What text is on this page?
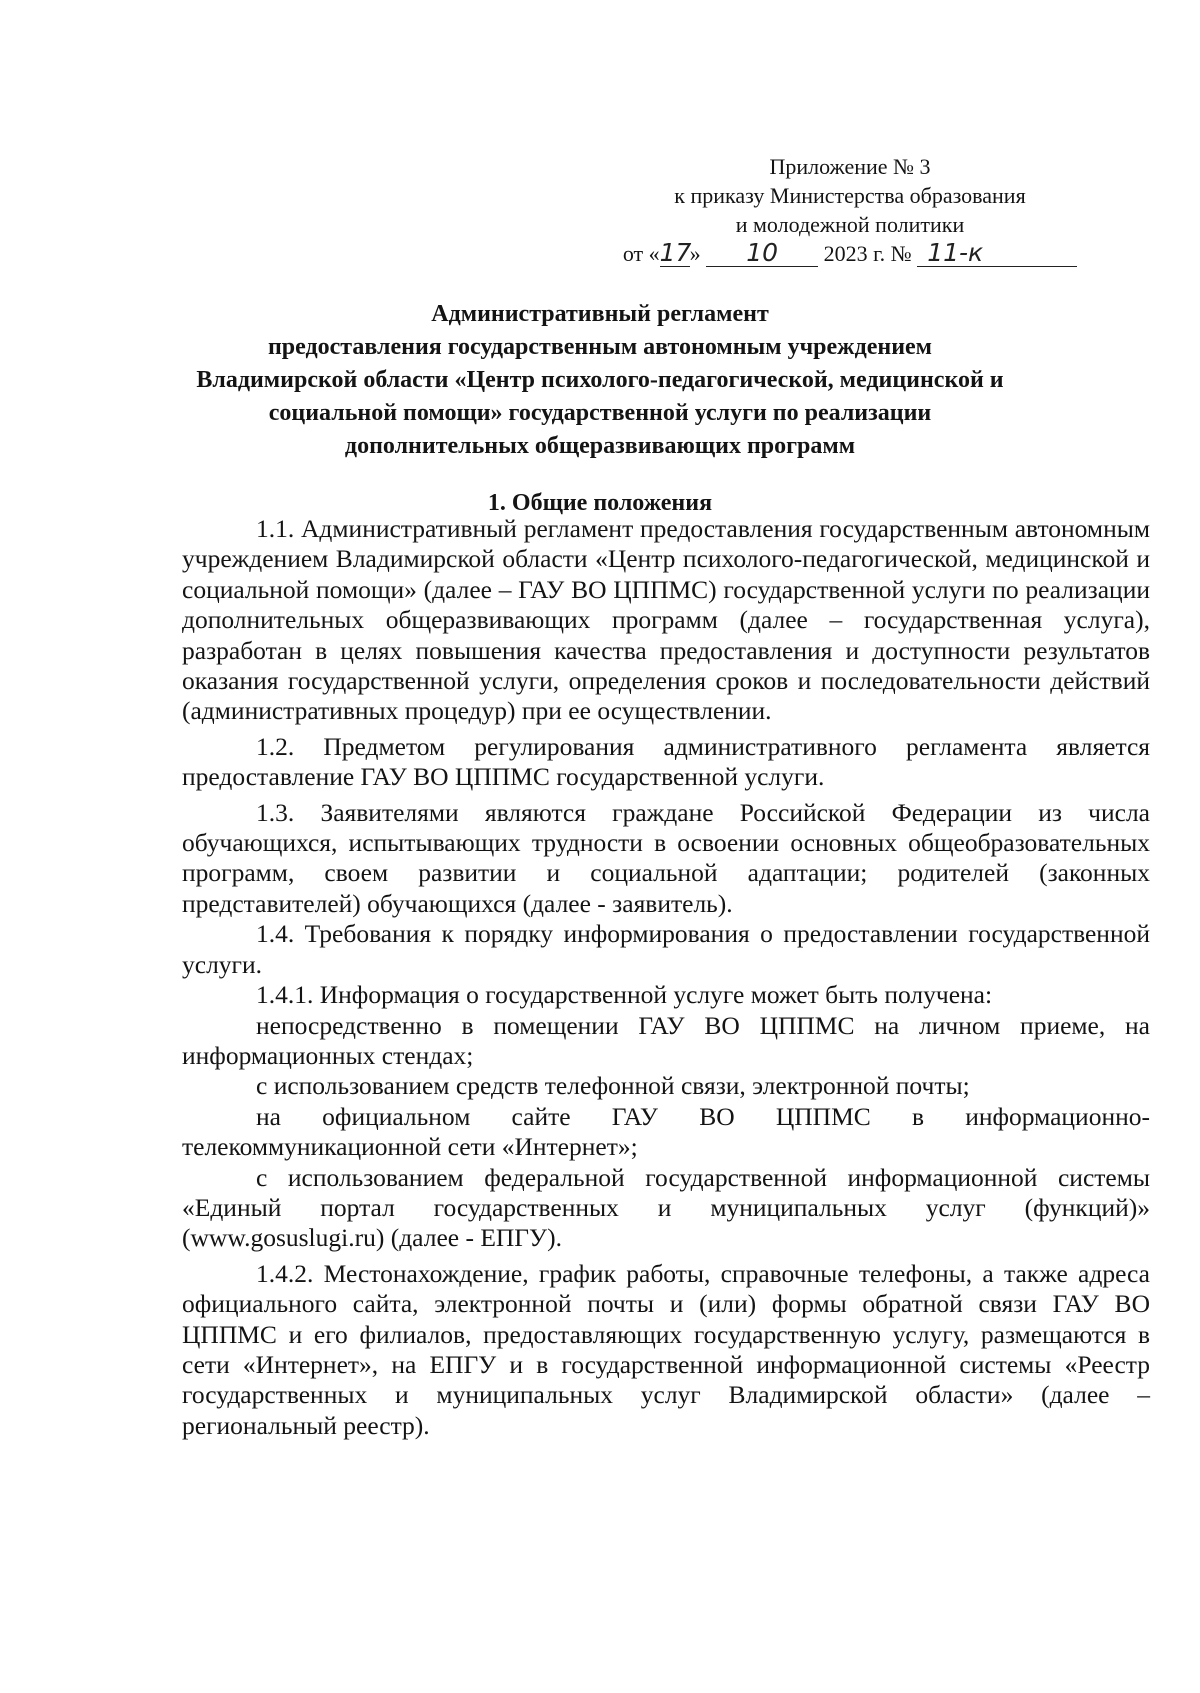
Приложение № 3
к приказу Министерства образования
и молодежной политики
от «17» 10 2023 г. № 11-к
Административный регламент
предоставления государственным автономным учреждением
Владимирской области «Центр психолого-педагогической, медицинской и
социальной помощи» государственной услуги по реализации
дополнительных общеразвивающих программ
1. Общие положения

1.1. Административный регламент предоставления государственным автономным учреждением Владимирской области «Центр психолого-педагогической, медицинской и социальной помощи» (далее – ГАУ ВО ЦППМС) государственной услуги по реализации дополнительных общеразвивающих программ (далее – государственная услуга), разработан в целях повышения качества предоставления и доступности результатов оказания государственной услуги, определения сроков и последовательности действий (административных процедур) при ее осуществлении.

1.2. Предметом регулирования административного регламента является предоставление ГАУ ВО ЦППМС государственной услуги.

1.3. Заявителями являются граждане Российской Федерации из числа обучающихся, испытывающих трудности в освоении основных общеобразовательных программ, своем развитии и социальной адаптации; родителей (законных представителей) обучающихся (далее - заявитель).

1.4. Требования к порядку информирования о предоставлении государственной услуги.

1.4.1. Информация о государственной услуге может быть получена:

непосредственно в помещении ГАУ ВО ЦППМС на личном приеме, на информационных стендах;

с использованием средств телефонной связи, электронной почты;

на официальном сайте ГАУ ВО ЦППМС в информационно-телекоммуникационной сети «Интернет»;

с использованием федеральной государственной информационной системы «Единый портал государственных и муниципальных услуг (функций)» (www.gosuslugi.ru) (далее - ЕПГУ).

1.4.2. Местонахождение, график работы, справочные телефоны, а также адреса официального сайта, электронной почты и (или) формы обратной связи ГАУ ВО ЦППМС и его филиалов, предоставляющих государственную услугу, размещаются в сети «Интернет», на ЕПГУ и в государственной информационной системы «Реестр государственных и муниципальных услуг Владимирской области» (далее – региональный реестр).
